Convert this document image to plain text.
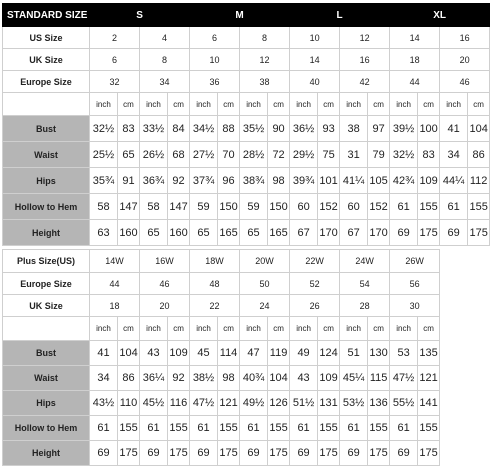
STANDARD SIZE	S				M				L				XL			
US Size	2		4		6		8		10		12		14		16	
UK Size	6		8		10		12		14		16		18		20	
Europe Size	32		34		36		38		40		42		44		46	
	inch	cm	inch	cm	inch	cm	inch	cm	inch	cm	inch	cm	inch	cm	inch	cm
Bust	32½	83	33½	84	34½	88	35½	90	36½	93	38	97	39½	100	41	104
Waist	25½	65	26½	68	27½	70	28½	72	29½	75	31	79	32½	83	34	86
Hips	35¾	91	36¾	92	37¾	96	38¾	98	39¾	101	41¼	105	42¾	109	44¼	112
Hollow to Hem	58	147	58	147	59	150	59	150	60	152	60	152	61	155	61	155
Height	63	160	65	160	65	165	65	165	67	170	67	170	69	175	69	175
Plus Size(US)	14W		16W		18W		20W		22W		24W		26W	
Europe Size	44		46		48		50		52		54		56	
UK Size	18		20		22		24		26		28		30	
	inch	cm	inch	cm	inch	cm	inch	cm	inch	cm	inch	cm	inch	cm
Bust	41	104	43	109	45	114	47	119	49	124	51	130	53	135
Waist	34	86	36¼	92	38½	98	40¾	104	43	109	45¼	115	47½	121
Hips	43½	110	45½	116	47½	121	49½	126	51½	131	53½	136	55½	141
Hollow to Hem	61	155	61	155	61	155	61	155	61	155	61	155	61	155
Height	69	175	69	175	69	175	69	175	69	175	69	175	69	175
